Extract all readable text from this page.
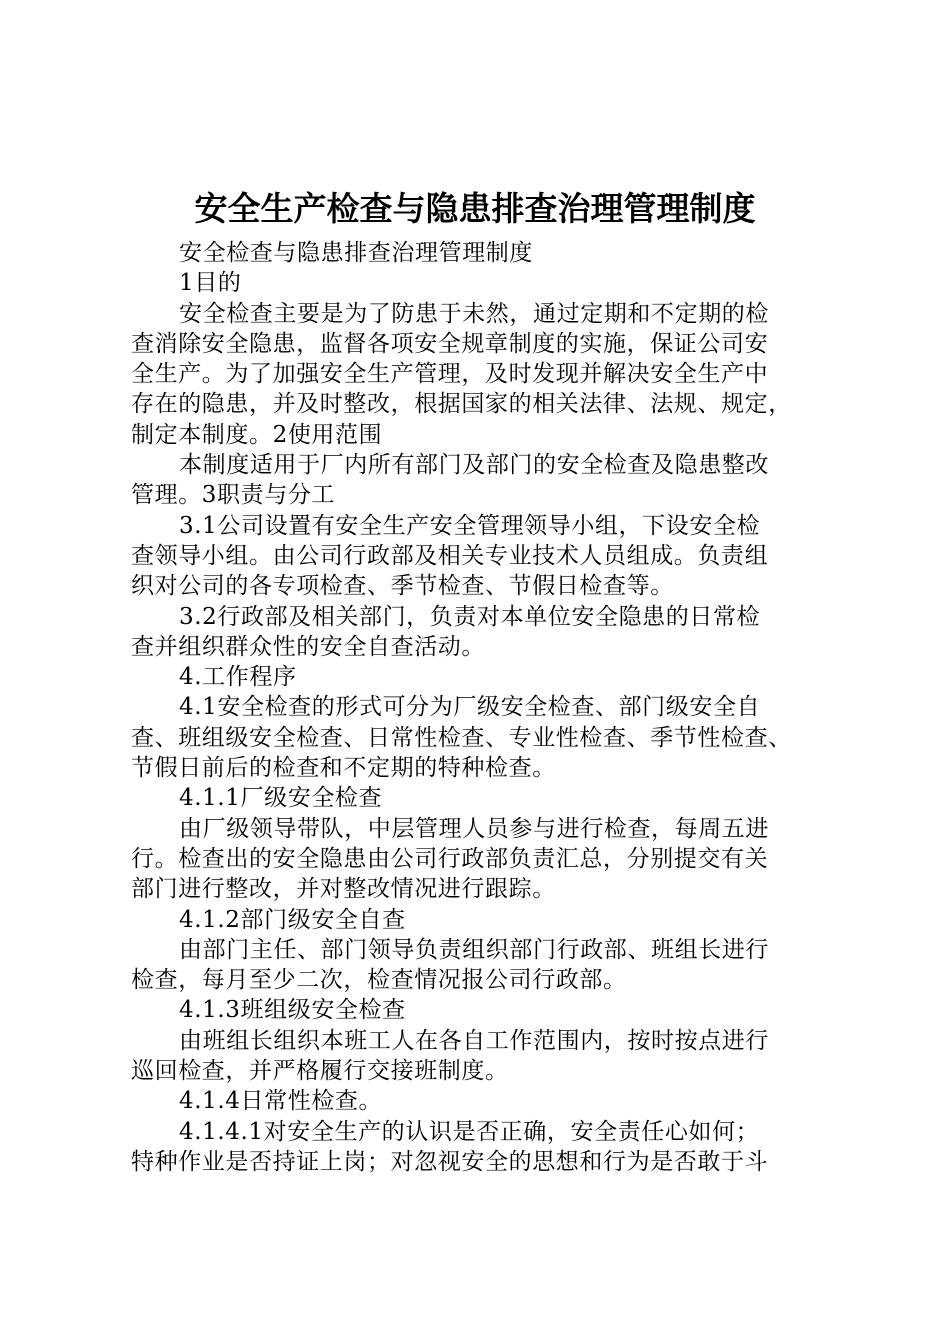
安全生产检查与隐患排查治理管理制度
安全检查与隐患排查治理管理制度
1目的
安全检查主要是为了防患于未然，通过定期和不定期的检
查消除安全隐患，监督各项安全规章制度的实施，保证公司安
全生产。为了加强安全生产管理，及时发现并解决安全生产中
存在的隐患，并及时整改，根据国家的相关法律、法规、规定，
制定本制度。2使用范围
本制度适用于厂内所有部门及部门的安全检查及隐患整改
管理。3职责与分工
3.1公司设置有安全生产安全管理领导小组，下设安全检
查领导小组。由公司行政部及相关专业技术人员组成。负责组
织对公司的各专项检查、季节检查、节假日检查等。
3.2行政部及相关部门，负责对本单位安全隐患的日常检
查并组织群众性的安全自查活动。
4.工作程序
4.1安全检查的形式可分为厂级安全检查、部门级安全自
查、班组级安全检查、日常性检查、专业性检查、季节性检查、
节假日前后的检查和不定期的特种检查。
4.1.1厂级安全检查
由厂级领导带队，中层管理人员参与进行检查，每周五进
行。检查出的安全隐患由公司行政部负责汇总，分别提交有关
部门进行整改，并对整改情况进行跟踪。
4.1.2部门级安全自查
由部门主任、部门领导负责组织部门行政部、班组长进行
检查，每月至少二次，检查情况报公司行政部。
4.1.3班组级安全检查
由班组长组织本班工人在各自工作范围内，按时按点进行
巡回检查，并严格履行交接班制度。
4.1.4日常性检查。
4.1.4.1对安全生产的认识是否正确，安全责任心如何；
特种作业是否持证上岗；对忽视安全的思想和行为是否敢于斗
